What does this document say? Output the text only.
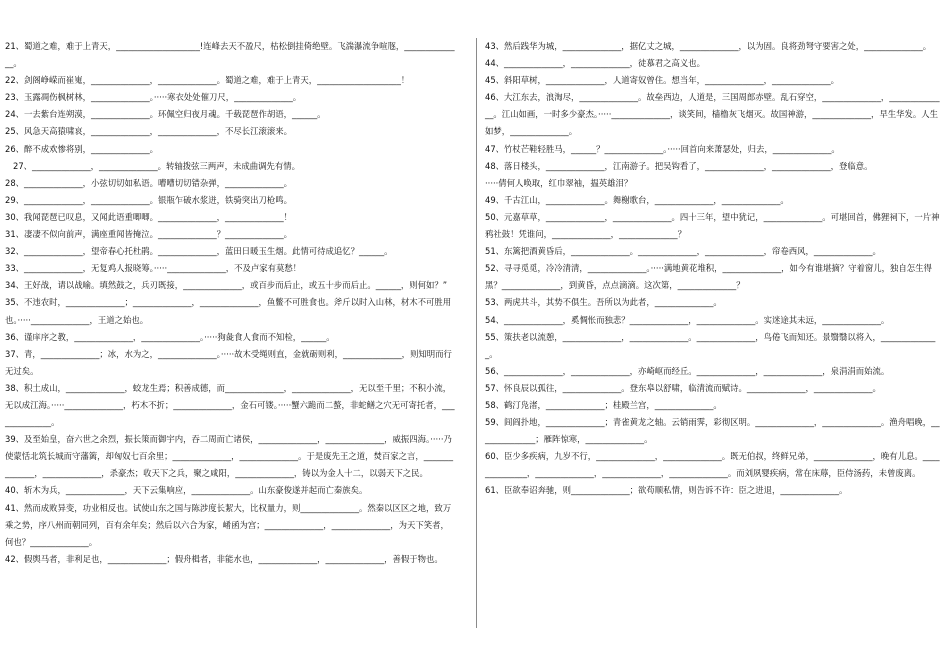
21、蜀道之难，难于上青天，____________________!连峰去天不盈尺，枯松倒挂倚绝壁。飞湍瀑流争喧豗，______________。

22、剑阁峥嵘而崔嵬，______________，______________。蜀道之难，难于上青天，____________________！

23、玉露凋伤枫树林，______________。·····寒衣处处催刀尺，______________。

24、一去紫台连朔漠，______________。环佩空归夜月魂。千载琵琶作胡语，______。

25、风急天高猿啸哀，______________，______________，不尽长江滚滚来。

26、醉不成欢惨将别，______________。

27、______________，______________。转轴拨弦三两声，未成曲调先有情。

28、______________，小弦切切如私语。嘈嘈切切错杂弹，______________。

29、______________，______________。银瓶乍破水浆迸，铁骑突出刀枪鸣。

30、我闻琵琶已叹息，又闻此语重唧唧。______________，______________！

31、凄凄不似向前声，满座重闻皆掩泣。______________？______________。

32、______________，望帝春心托杜鹃。______________，蓝田日暖玉生烟。此情可待成追忆？______。

33、______________，无复鸡人报晓筹。·····______________，不及卢家有莫愁！

34、王好战，请以战喻。填然鼓之，兵刃既接，______________，或百步而后止，或五十步而后止。______，则何如？”

35、不违农时，______________；______________，______________，鱼鳖不可胜食也。斧斤以时入山林，材木不可胜用也。·····______________，王道之始也。

36、谨庠序之教，______________，______________。·····狗彘食人食而不知检，______。

37、青，______________；冰，水为之，______________。·····故木受绳则直，金就砺则利，______________，则知明而行无过矣。

38、积土成山，______________，蛟龙生焉；积善成德，而______________，______________，无以至千里；不积小流，无以成江海。·····______________，朽木不折；______________，金石可镂。·····蟹六跪而二螯，非蛇鳝之穴无可寄托者，______________。

39、及至始皇，奋六世之余烈，振长策而御宇内，吞二周而亡诸侯，______________，______________，威振四海。·····乃使蒙恬北筑长城而守藩篱，却匈奴七百余里；______________，______________。于是废先王之道，焚百家之言，______________，______________，杀豪杰；收天下之兵，聚之咸阳，______________，铸以为金人十二，以弱天下之民。

40、斩木为兵，______________，天下云集响应，______________。山东豪俊遂并起而亡秦族矣。

41、然而成败异变，功业相反也。试使山东之国与陈涉度长絜大，比权量力，则______________。然秦以区区之地，致万乘之势，序八州而朝同列，百有余年矣；然后以六合为家，崤函为宫；______________，______________，为天下笑者，何也？______________。

42、假舆马者，非利足也，______________；假舟楫者，非能水也，______________，______________，善假于物也。

43、然后践华为城，______________，据亿丈之城，______________，以为固。良将劲弩守要害之处，______________。

44、______________，______________，徒慕君之高义也。

45、斜阳草树，______________，人道寄奴曾住。想当年，______________，______________。

46、大江东去，浪淘尽，______________。故垒西边，人道是，三国周郎赤壁。乱石穿空，______________，______________。江山如画，一时多少豪杰。·····______________，谈笑间，樯橹灰飞烟灭。故国神游，______________，早生华发。人生如梦，______________。

47、竹杖芒鞋轻胜马，______？______________。·····回首向来萧瑟处，归去，______________。

48、落日楼头，______________，江南游子。把吴钩看了，______________，______________，登临意。

·····倩何人唤取，红巾翠袖，揾英雄泪？

49、千古江山，______________。舞榭歌台，______________，______________。

50、元嘉草草，______________，______________。四十三年，望中犹记，______________。可堪回首，佛狸祠下，一片神鸦社鼓！凭谁问，______________，______________？

51、东篱把酒黄昏后，______________。______________，______________，帘卷西风，______________。

52、寻寻觅觅，冷冷清清，______________。·····满地黄花堆积，______________，如今有谁堪摘？守着窗儿，独自怎生得黑？______________，到黄昏，点点滴滴。这次第，______________？

53、两虎共斗，其势不俱生。吾所以为此者，______________。

54、______________，奚惆怅而独悲？______________，______________。实迷途其未远，______________。

55、策扶老以流憩，______________，______________。______________，鸟倦飞而知还。景翳翳以将入，______________。

56、______________，______________，亦崎岖而经丘。______________，______________，泉涓涓而始流。

57、怀良辰以孤往，______________。登东皋以舒啸，临清流而赋诗。______________，______________。

58、鹤汀凫渚，______________；桂殿兰宫，______________。

59、闾阎扑地，______________；青雀黄龙之轴。云销雨霁，彩彻区明。______________，______________。渔舟唱晚，______________；雁阵惊寒，______________。

60、臣少多疾病，九岁不行，______________，______________。既无伯叔，终鲜兄弟，______________，晚有儿息。______________，______________，______________，______________。而刘夙婴疾病，常在床蓐，臣侍汤药，未曾废离。

61、臣欲奉诏奔驰，则______________；欲苟顺私情，则告诉不许：臣之进退，______________。
